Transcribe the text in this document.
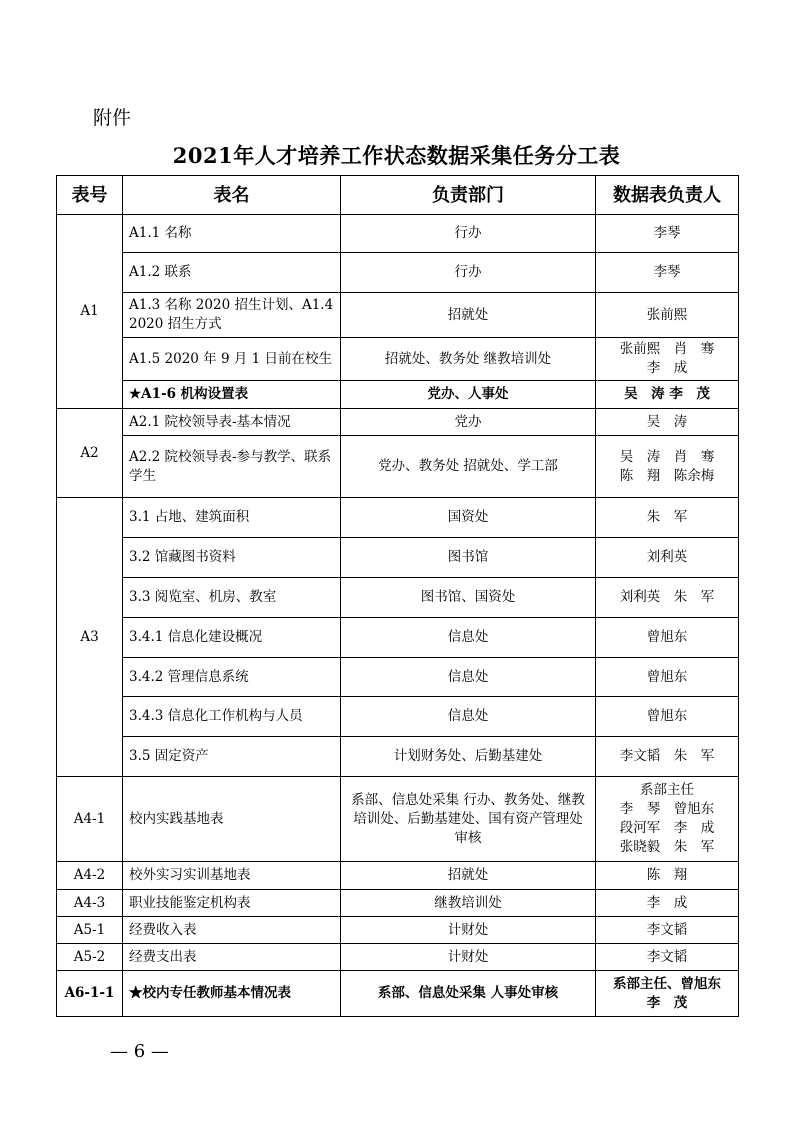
附件
2021年人才培养工作状态数据采集任务分工表
表号	表名	负责部门	数据表负责人
A1	A1.1 名称	行办	李琴

	A1.2 联系	行办	李琴

	A1.3 名称 2020 招生计划、A1.4 2020 招生方式	招就处	张前熙

	A1.5 2020 年 9 月 1 日前在校生	招就处、教务处 继教培训处	张前熙　肖　骞
李　成

	★A1-6 机构设置表	党办、人事处	吴　涛 李　茂

A2	A2.1 院校领导表-基本情况	党办	吴　涛

	A2.2 院校领导表-参与教学、联系学生	党办、教务处 招就处、学工部	吴　涛　肖　骞
陈　翔　陈余梅

A3	3.1 占地、建筑面积	国资处	朱　军

	3.2 馆藏图书资料	图书馆	刘利英

	3.3 阅览室、机房、教室	图书馆、国资处	刘利英　朱　军

	3.4.1 信息化建设概况	信息处	曾旭东

	3.4.2 管理信息系统	信息处	曾旭东

	3.4.3 信息化工作机构与人员	信息处	曾旭东

	3.5 固定资产	计划财务处、后勤基建处	李文韬　朱　军

A4-1	校内实践基地表	系部、信息处采集 行办、教务处、继教培训处、后勤基建处、国有资产管理处审核	系部主任
李　琴　曾旭东
段河军　李　成
张晓毅　朱　军

A4-2	校外实习实训基地表	招就处	陈　翔

A4-3	职业技能鉴定机构表	继教培训处	李　成

A5-1	经费收入表	计财处	李文韬

A5-2	经费支出表	计财处	李文韬

A6-1-1	★校内专任教师基本情况表	系部、信息处采集 人事处审核	系部主任、曾旭东
李　茂
— 6 —
